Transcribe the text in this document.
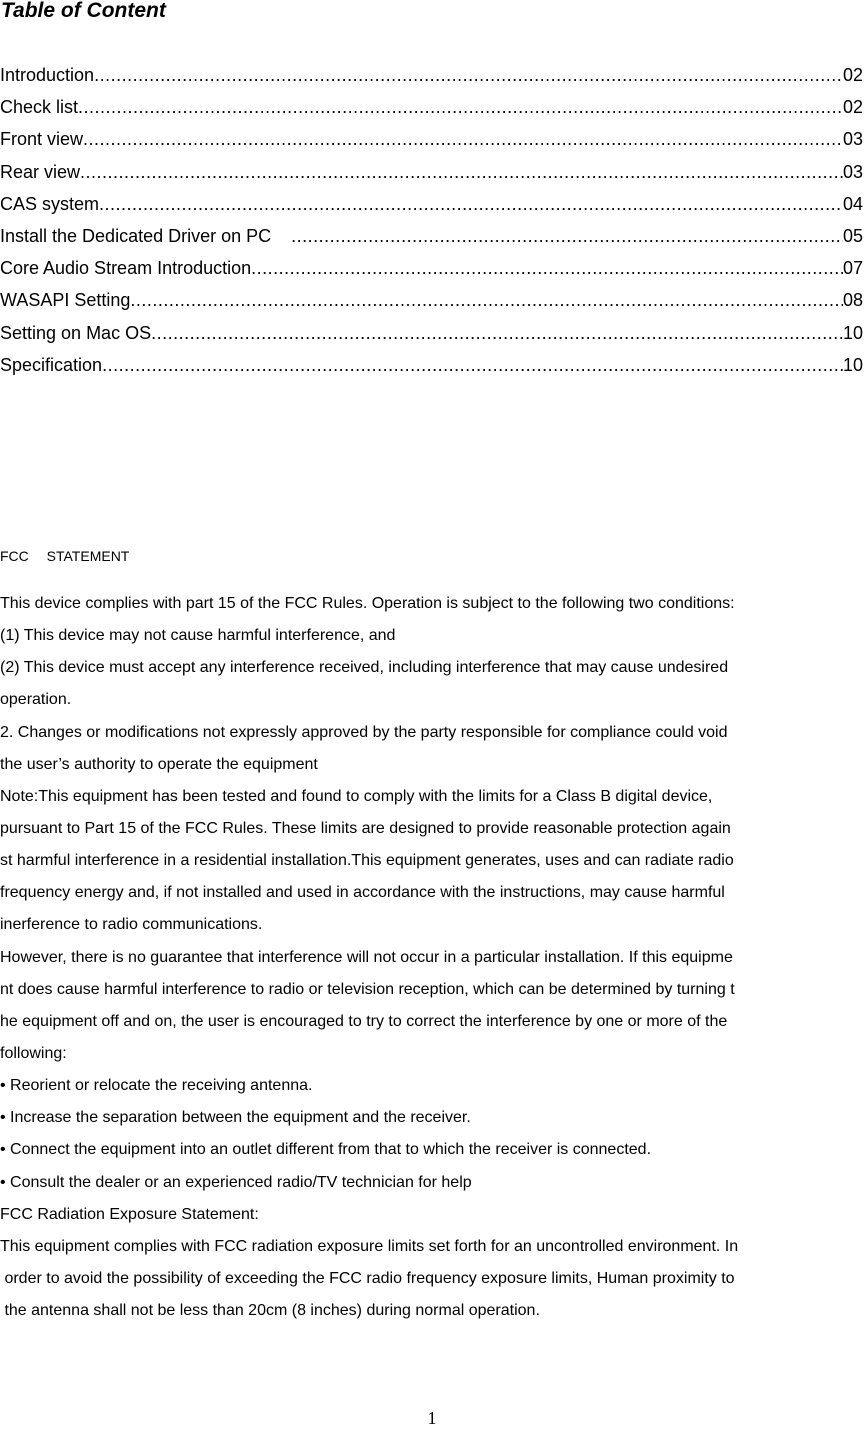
Table of Content
Introduction .....	02
Check list .....	02
Front view .....	03
Rear view .....	03
CAS system .....	04
Install the Dedicated Driver on PC .....	05
Core Audio Stream Introduction .....	07
WASAPI Setting .....	08
Setting on Mac OS .....	10
Specification .....	10
FCC STATEMENT
This device complies with part 15 of the FCC Rules. Operation is subject to the following two conditions:
(1) This device may not cause harmful interference, and
(2) This device must accept any interference received, including interference that may cause undesired
operation.
2. Changes or modifications not expressly approved by the party responsible for compliance could void
the user’s authority to operate the equipment
Note:This equipment has been tested and found to comply with the limits for a Class B digital device,
pursuant to Part 15 of the FCC Rules. These limits are designed to provide reasonable protection again
st harmful interference in a residential installation.This equipment generates, uses and can radiate radio
frequency energy and, if not installed and used in accordance with the instructions, may cause harmful
inerference to radio communications.
However, there is no guarantee that interference will not occur in a particular installation. If this equipme
nt does cause harmful interference to radio or television reception, which can be determined by turning t
he equipment off and on, the user is encouraged to try to correct the interference by one or more of the
following:
• Reorient or relocate the receiving antenna.
• Increase the separation between the equipment and the receiver.
• Connect the equipment into an outlet different from that to which the receiver is connected.
• Consult the dealer or an experienced radio/TV technician for help
FCC Radiation Exposure Statement:
This equipment complies with FCC radiation exposure limits set forth for an uncontrolled environment. In
order to avoid the possibility of exceeding the FCC radio frequency exposure limits, Human proximity to
the antenna shall not be less than 20cm (8 inches) during normal operation.
1
